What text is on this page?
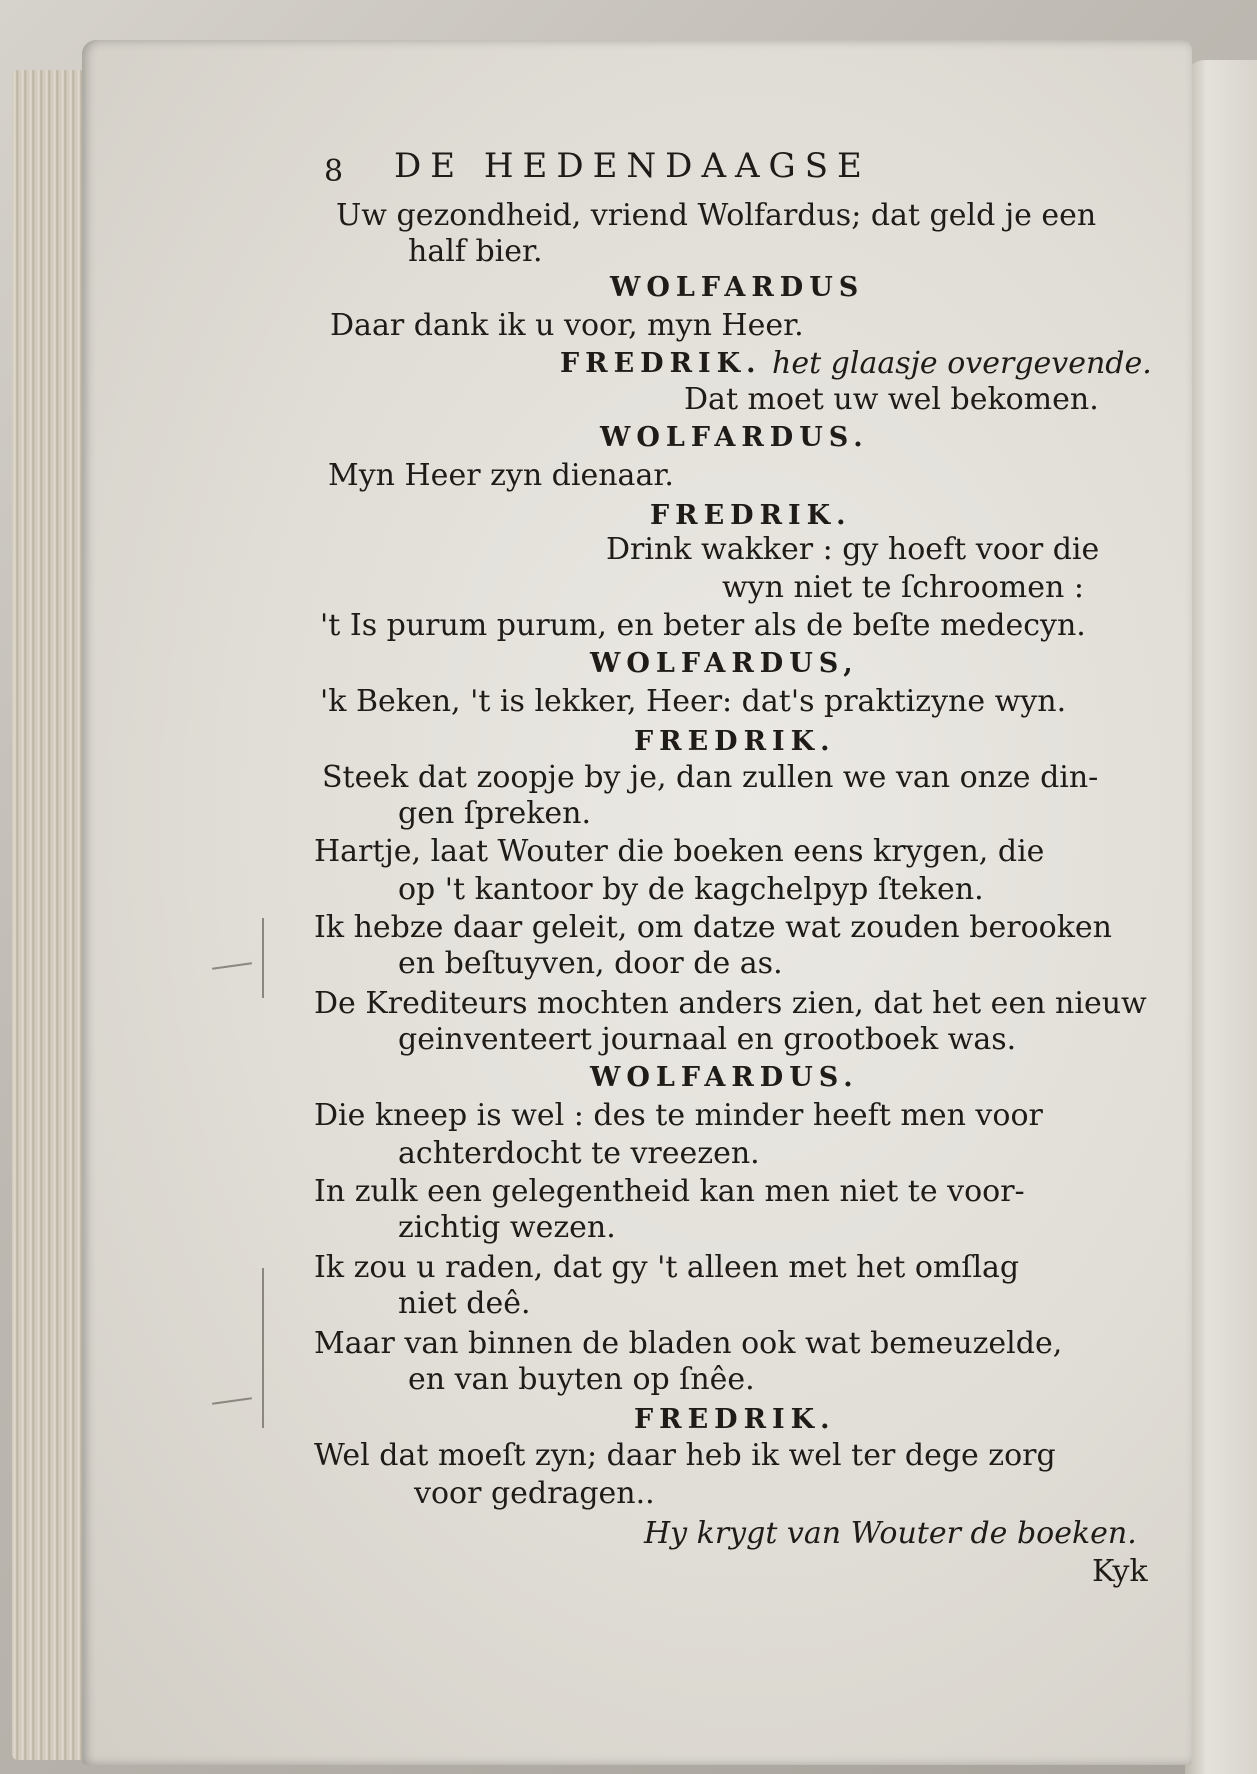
8 DE HEDENDAAGSE
Uw gezondheid, vriend Wolfardus; dat geld je een
half bier.
WOLFARDUS
Daar dank ik u voor, myn Heer.
FREDRIK. het glaasje overgevende.
Dat moet uw wel bekomen.
WOLFARDUS.
Myn Heer zyn dienaar.
FREDRIK.
Drink wakker : gy hoeft voor die
wyn niet te ſchroomen :
't Is purum purum, en beter als de beſte medecyn.
WOLFARDUS,
'k Beken, 't is lekker, Heer: dat's praktizyne wyn.
FREDRIK.
Steek dat zoopje by je, dan zullen we van onze din-
gen ſpreken.
Hartje, laat Wouter die boeken eens krygen, die
op 't kantoor by de kagchelpyp ſteken.
Ik hebze daar geleit, om datze wat zouden berooken
en beſtuyven, door de as.
De Krediteurs mochten anders zien, dat het een nieuw
geinventeert journaal en grootboek was.
WOLFARDUS.
Die kneep is wel : des te minder heeft men voor
achterdocht te vreezen.
In zulk een gelegentheid kan men niet te voor-
zichtig wezen.
Ik zou u raden, dat gy 't alleen met het omſlag
niet deê.
Maar van binnen de bladen ook wat bemeuzelde,
en van buyten op ſnêe.
FREDRIK.
Wel dat moeſt zyn; daar heb ik wel ter dege zorg
voor gedragen..
Hy krygt van Wouter de boeken.
Kyk
